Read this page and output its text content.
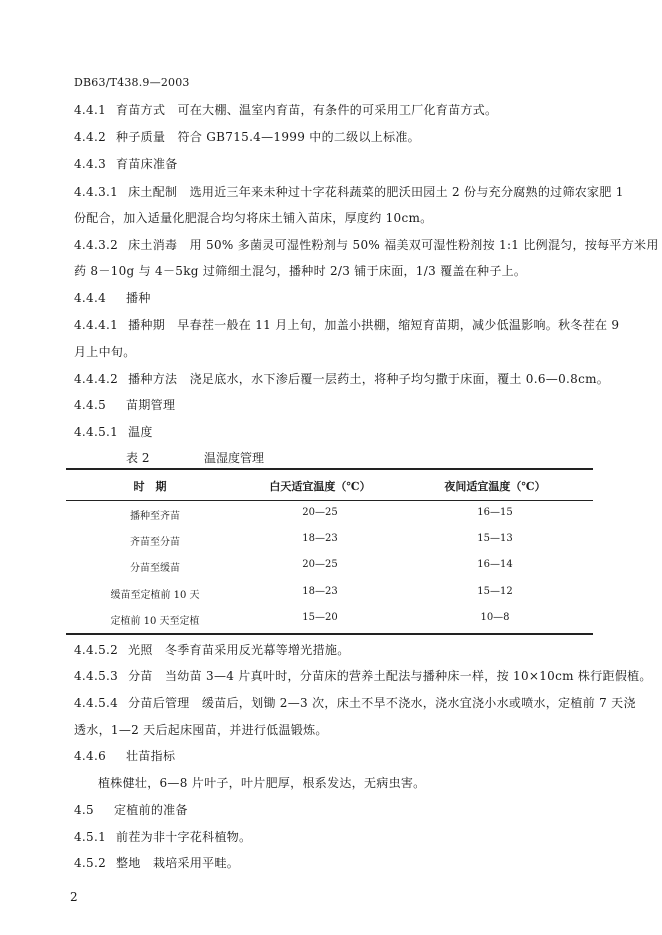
DB63/T438.9—2003
4.4.1 育苗方式　可在大棚、温室内育苗，有条件的可采用工厂化育苗方式。
4.4.2 种子质量　符合 GB715.4—1999 中的二级以上标准。
4.4.3 育苗床准备
4.4.3.1 床土配制　选用近三年来未种过十字花科蔬菜的肥沃田园土 2 份与充分腐熟的过筛农家肥 1
份配合，加入适量化肥混合均匀将床土铺入苗床，厚度约 10cm。
4.4.3.2 床土消毒　用 50% 多菌灵可湿性粉剂与 50% 福美双可湿性粉剂按 1:1 比例混匀，按每平方米用
药 8－10g 与 4－5kg 过筛细土混匀，播种时 2/3 铺于床面，1/3 覆盖在种子上。
4.4.4 播种
4.4.4.1 播种期　早春茬一般在 11 月上旬，加盖小拱棚，缩短育苗期，减少低温影响。秋冬茬在 9
月上中旬。
4.4.4.2 播种方法　浇足底水，水下渗后覆一层药土，将种子均匀撒于床面，覆土 0.6—0.8cm。
4.4.5 苗期管理
4.4.5.1 温度
表 2	温湿度管理
时　期	白天适宜温度（℃）	夜间适宜温度（℃）
播种至齐苗	20—25	16—15
齐苗至分苗	18—23	15—13
分苗至缓苗	20—25	16—14
缓苗至定植前 10 天	18—23	15—12
定植前 10 天至定植	15—20	10—8
4.4.5.2 光照　冬季育苗采用反光幕等增光措施。
4.4.5.3 分苗　当幼苗 3—4 片真叶时，分苗床的营养土配法与播种床一样，按 10×10cm 株行距假植。
4.4.5.4 分苗后管理　缓苗后，划锄 2—3 次，床土不旱不浇水，浇水宜浇小水或喷水，定植前 7 天浇
透水，1—2 天后起床囤苗，并进行低温锻炼。
4.4.6 壮苗指标
植株健壮，6—8 片叶子，叶片肥厚，根系发达，无病虫害。
4.5 定植前的准备
4.5.1 前茬为非十字花科植物。
4.5.2 整地　栽培采用平畦。
2
